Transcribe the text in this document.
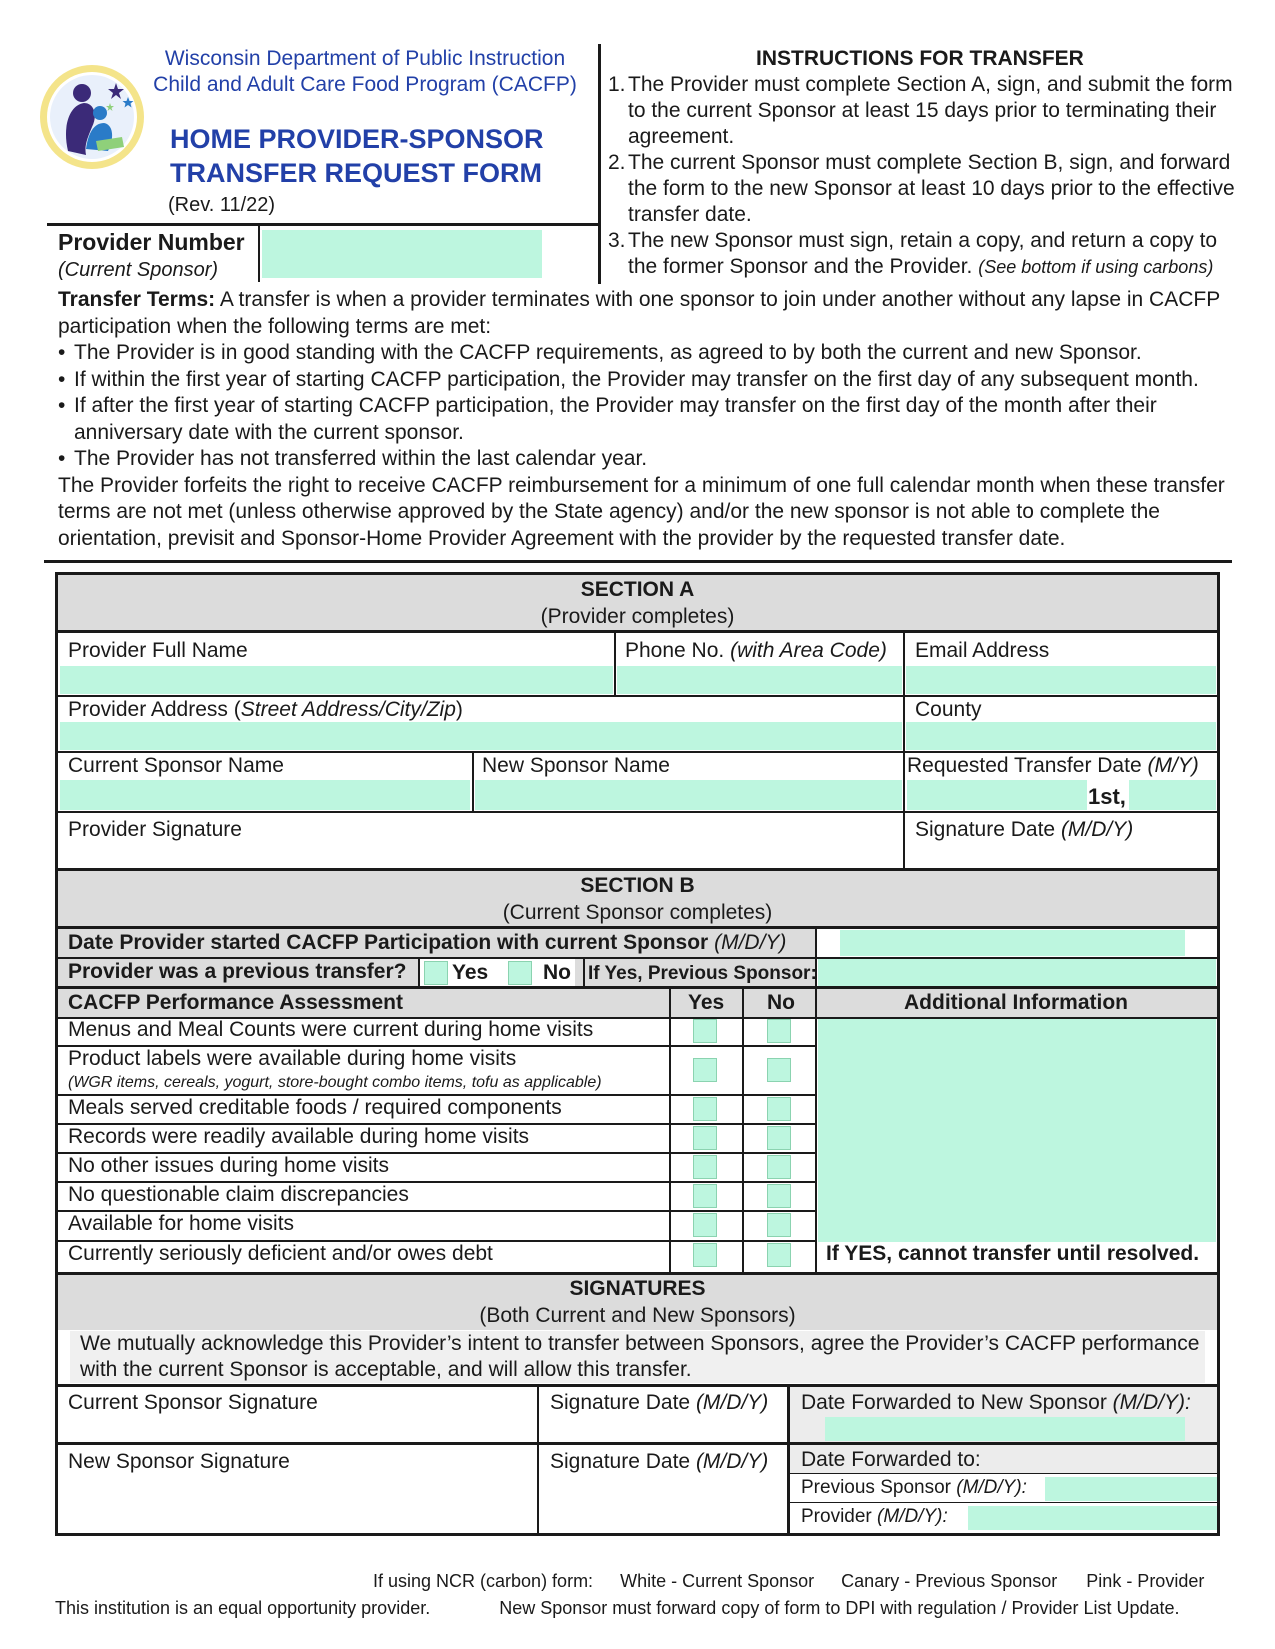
Wisconsin Department of Public Instruction
Child and Adult Care Food Program (CACFP)
HOME PROVIDER-SPONSOR
TRANSFER REQUEST FORM
(Rev. 11/22)
Provider Number
(Current Sponsor)
INSTRUCTIONS FOR TRANSFER
1. The Provider must complete Section A, sign, and submit the form to the current Sponsor at least 15 days prior to terminating their agreement.
2. The current Sponsor must complete Section B, sign, and forward the form to the new Sponsor at least 10 days prior to the effective transfer date.
3. The new Sponsor must sign, retain a copy, and return a copy to the former Sponsor and the Provider. (See bottom if using carbons)
Transfer Terms: A transfer is when a provider terminates with one sponsor to join under another without any lapse in CACFP participation when the following terms are met:
• The Provider is in good standing with the CACFP requirements, as agreed to by both the current and new Sponsor.
• If within the first year of starting CACFP participation, the Provider may transfer on the first day of any subsequent month.
• If after the first year of starting CACFP participation, the Provider may transfer on the first day of the month after their anniversary date with the current sponsor.
• The Provider has not transferred within the last calendar year.
The Provider forfeits the right to receive CACFP reimbursement for a minimum of one full calendar month when these transfer terms are not met (unless otherwise approved by the State agency) and/or the new sponsor is not able to complete the orientation, previsit and Sponsor-Home Provider Agreement with the provider by the requested transfer date.
SECTION A
(Provider completes)
Provider Full Name	Phone No. (with Area Code) Email Address
Provider Address (Street Address/City/Zip)	County
Current Sponsor Name	New Sponsor Name	Requested Transfer Date (M/Y)
1st,
Provider Signature	Signature Date (M/D/Y)
SECTION B
(Current Sponsor completes)
Date Provider started CACFP Participation with current Sponsor (M/D/Y)
Provider was a previous transfer? Yes	No If Yes, Previous Sponsor:
CACFP Performance Assessment	Yes No	Additional Information
Menus and Meal Counts were current during home visits
Product labels were available during home visits
(WGR items, cereals, yogurt, store-bought combo items, tofu as applicable)
Meals served creditable foods / required components
Records were readily available during home visits
No other issues during home visits
No questionable claim discrepancies
Available for home visits
Currently seriously deficient and/or owes debt	If YES, cannot transfer until resolved.
SIGNATURES
(Both Current and New Sponsors)
We mutually acknowledge this Provider’s intent to transfer between Sponsors, agree the Provider’s CACFP performance with the current Sponsor is acceptable, and will allow this transfer.
Current Sponsor Signature	Signature Date (M/D/Y) Date Forwarded to New Sponsor (M/D/Y):
New Sponsor Signature	Signature Date (M/D/Y) Date Forwarded to:
Previous Sponsor (M/D/Y):
Provider (M/D/Y):
If using NCR (carbon) form: White - Current Sponsor Canary - Previous Sponsor Pink - Provider
This institution is an equal opportunity provider.	New Sponsor must forward copy of form to DPI with regulation / Provider List Update.
